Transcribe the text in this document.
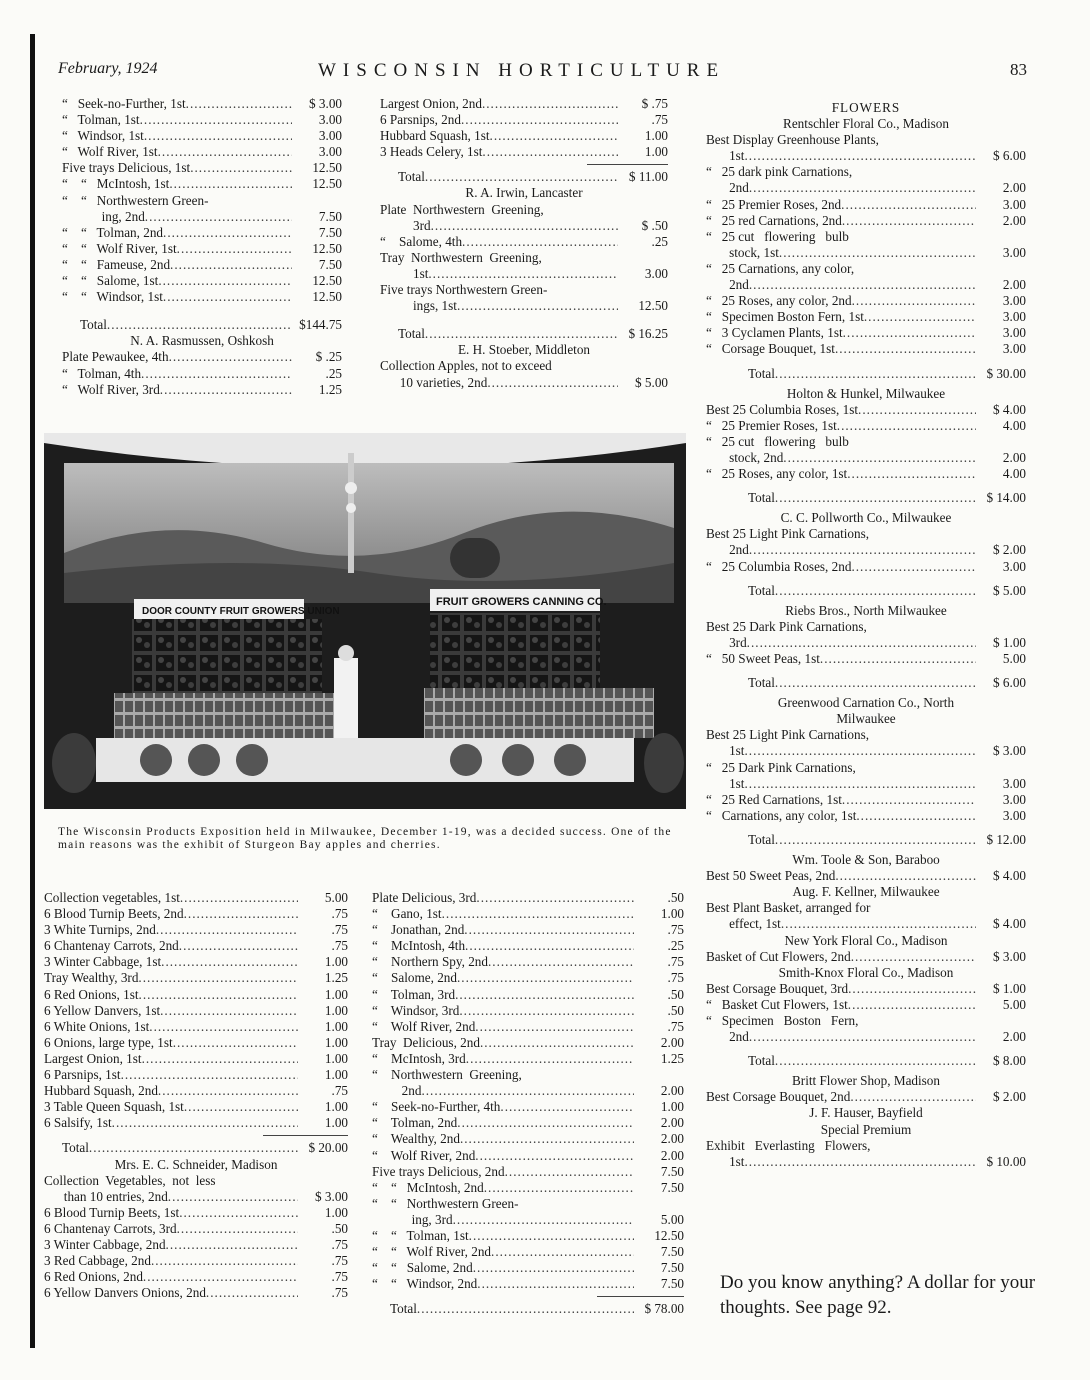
February, 1924	WISCONSIN HORTICULTURE	83
“   Seek-no-Further, 1st .....	$ 3.00
“   Tolman, 1st .....	3.00
“   Windsor, 1st .....	3.00
“   Wolf River, 1st .....	3.00
Five trays Delicious, 1st .....	12.50
“    “   McIntosh, 1st .....	12.50
“    “   Northwestern Green-
ing, 2nd .....	7.50
“    “   Tolman, 2nd .....	7.50
“    “   Wolf River, 1st .....	12.50
“    “   Fameuse, 2nd .....	7.50
“    “   Salome, 1st .....	12.50
“    “   Windsor, 1st .....	12.50
Total .....	$144.75
N. A. Rasmussen, Oshkosh
Plate Pewaukee, 4th .....	$ .25
“   Tolman, 4th .....	.25
“   Wolf River, 3rd .....	1.25
Largest Onion, 2nd .....	$ .75
6 Parsnips, 2nd .....	.75
Hubbard Squash, 1st .....	1.00
3 Heads Celery, 1st .....	1.00
Total .....	$ 11.00
R. A. Irwin, Lancaster
Plate  Northwestern  Greening,
3rd .....	$ .50
“    Salome, 4th .....	.25
Tray  Northwestern  Greening,
1st .....	3.00
Five trays Northwestern Green-
ings, 1st .....	12.50
Total .....	$ 16.25
E. H. Stoeber, Middleton
Collection Apples, not to exceed
10 varieties, 2nd .....	$ 5.00
DOOR COUNTY FRUIT GROWERS UNION
FRUIT GROWERS CANNING CO.
The Wisconsin Products Exposition held in Milwaukee, December 1-19, was a decided success. One of the main reasons was the exhibit of Sturgeon Bay apples and cherries.
Collection vegetables, 1st .....	5.00
6 Blood Turnip Beets, 2nd .....	.75
3 White Turnips, 2nd .....	.75
6 Chantenay Carrots, 2nd .....	.75
3 Winter Cabbage, 1st .....	1.00
Tray Wealthy, 3rd .....	1.25
6 Red Onions, 1st .....	1.00
6 Yellow Danvers, 1st .....	1.00
6 White Onions, 1st .....	1.00
6 Onions, large type, 1st .....	1.00
Largest Onion, 1st .....	1.00
6 Parsnips, 1st .....	1.00
Hubbard Squash, 2nd .....	.75
3 Table Queen Squash, 1st .....	1.00
6 Salsify, 1st .....	1.00
Total .....	$ 20.00
Mrs. E. C. Schneider, Madison
Collection  Vegetables,  not  less
than 10 entries, 2nd .....	$ 3.00
6 Blood Turnip Beets, 1st .....	1.00
6 Chantenay Carrots, 3rd .....	.50
3 Winter Cabbage, 2nd .....	.75
3 Red Cabbage, 2nd .....	.75
6 Red Onions, 2nd .....	.75
6 Yellow Danvers Onions, 2nd .....	.75
Plate Delicious, 3rd .....	.50
“    Gano, 1st .....	1.00
“    Jonathan, 2nd .....	.75
“    McIntosh, 4th .....	.25
“    Northern Spy, 2nd .....	.75
“    Salome, 2nd .....	.75
“    Tolman, 3rd .....	.50
“    Windsor, 3rd .....	.50
“    Wolf River, 2nd .....	.75
Tray  Delicious, 2nd .....	2.00
“    McIntosh, 3rd .....	1.25
“    Northwestern  Greening,
2nd .....	2.00
“    Seek-no-Further, 4th .....	1.00
“    Tolman, 2nd .....	2.00
“    Wealthy, 2nd .....	2.00
“    Wolf River, 2nd .....	2.00
Five trays Delicious, 2nd .....	7.50
“    “   McIntosh, 2nd .....	7.50
“    “   Northwestern Green-
ing, 3rd .....	5.00
“    “   Tolman, 1st .....	12.50
“    “   Wolf River, 2nd .....	7.50
“    “   Salome, 2nd .....	7.50
“    “   Windsor, 2nd .....	7.50
Total .....	$ 78.00
FLOWERS
Rentschler Floral Co., Madison
Best Display Greenhouse Plants,
1st .....	$ 6.00
“   25 dark pink Carnations,
2nd .....	2.00
“   25 Premier Roses, 2nd .....	3.00
“   25 red Carnations, 2nd .....	2.00
“   25 cut   flowering   bulb
stock, 1st .....	3.00
“   25 Carnations, any color,
2nd .....	2.00
“   25 Roses, any color, 2nd .....	3.00
“   Specimen Boston Fern, 1st .....	3.00
“   3 Cyclamen Plants, 1st .....	3.00
“   Corsage Bouquet, 1st .....	3.00
Total .....	$ 30.00
Holton & Hunkel, Milwaukee
Best 25 Columbia Roses, 1st .....	$ 4.00
“   25 Premier Roses, 1st .....	4.00
“   25 cut   flowering   bulb
stock, 2nd .....	2.00
“   25 Roses, any color, 1st .....	4.00
Total .....	$ 14.00
C. C. Pollworth Co., Milwaukee
Best 25 Light Pink Carnations,
2nd .....	$ 2.00
“   25 Columbia Roses, 2nd .....	3.00
Total .....	$ 5.00
Riebs Bros., North Milwaukee
Best 25 Dark Pink Carnations,
3rd .....	$ 1.00
“   50 Sweet Peas, 1st .....	5.00
Total .....	$ 6.00
Greenwood Carnation Co., North
Milwaukee
Best 25 Light Pink Carnations,
1st .....	$ 3.00
“   25 Dark Pink Carnations,
1st .....	3.00
“   25 Red Carnations, 1st .....	3.00
“   Carnations, any color, 1st .....	3.00
Total .....	$ 12.00
Wm. Toole & Son, Baraboo
Best 50 Sweet Peas, 2nd .....	$ 4.00
Aug. F. Kellner, Milwaukee
Best Plant Basket, arranged for
effect, 1st .....	$ 4.00
New York Floral Co., Madison
Basket of Cut Flowers, 2nd .....	$ 3.00
Smith-Knox Floral Co., Madison
Best Corsage Bouquet, 3rd .....	$ 1.00
“   Basket Cut Flowers, 1st .....	5.00
“   Specimen   Boston   Fern,
2nd .....	2.00
Total .....	$ 8.00
Britt Flower Shop, Madison
Best Corsage Bouquet, 2nd .....	$ 2.00
J. F. Hauser, Bayfield
Special Premium
Exhibit   Everlasting   Flowers,
1st .....	$ 10.00
Do you know anything? A dollar for your thoughts. See page 92.
